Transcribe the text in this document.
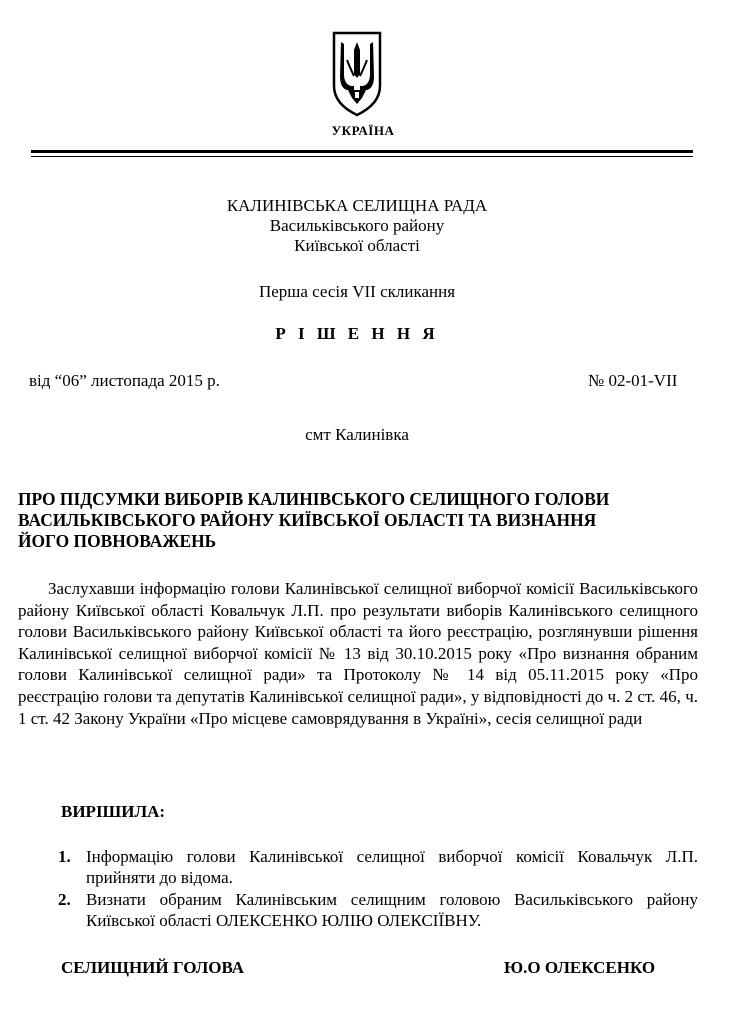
УКРАЇНА
КАЛИНІВСЬКА СЕЛИЩНА РАДА
Васильківського району
Київської області
Перша сесія VII скликання
Р І Ш Е Н Н Я
від “06” листопада 2015 р.	№ 02-01-VII
смт Калинівка
ПРО ПІДСУМКИ ВИБОРІВ КАЛИНІВСЬКОГО СЕЛИЩНОГО ГОЛОВИ
ВАСИЛЬКІВСЬКОГО РАЙОНУ КИЇВСЬКОЇ ОБЛАСТІ ТА ВИЗНАННЯ
ЙОГО ПОВНОВАЖЕНЬ
Заслухавши інформацію голови Калинівської селищної виборчої комісії Васильківського району Київської області Ковальчук Л.П. про результати виборів Калинівського селищного голови Васильківського району Київської області та його реєстрацію, розглянувши рішення Калинівської селищної виборчої комісії № 13 від 30.10.2015 року «Про визнання обраним голови Калинівської селищної ради» та Протоколу № 14 від 05.11.2015 року «Про реєстрацію голови та депутатів Калинівської селищної ради», у відповідності до ч. 2 ст. 46, ч. 1 ст. 42 Закону України «Про місцеве самоврядування в Україні», сесія селищної ради
ВИРІШИЛА:
1. Інформацію голови Калинівської селищної виборчої комісії Ковальчук Л.П. прийняти до відома.
2. Визнати обраним Калинівським селищним головою Васильківського району Київської області ОЛЕКСЕНКО ЮЛІЮ ОЛЕКСІЇВНУ.
СЕЛИЩНИЙ ГОЛОВА	Ю.О ОЛЕКСЕНКО
